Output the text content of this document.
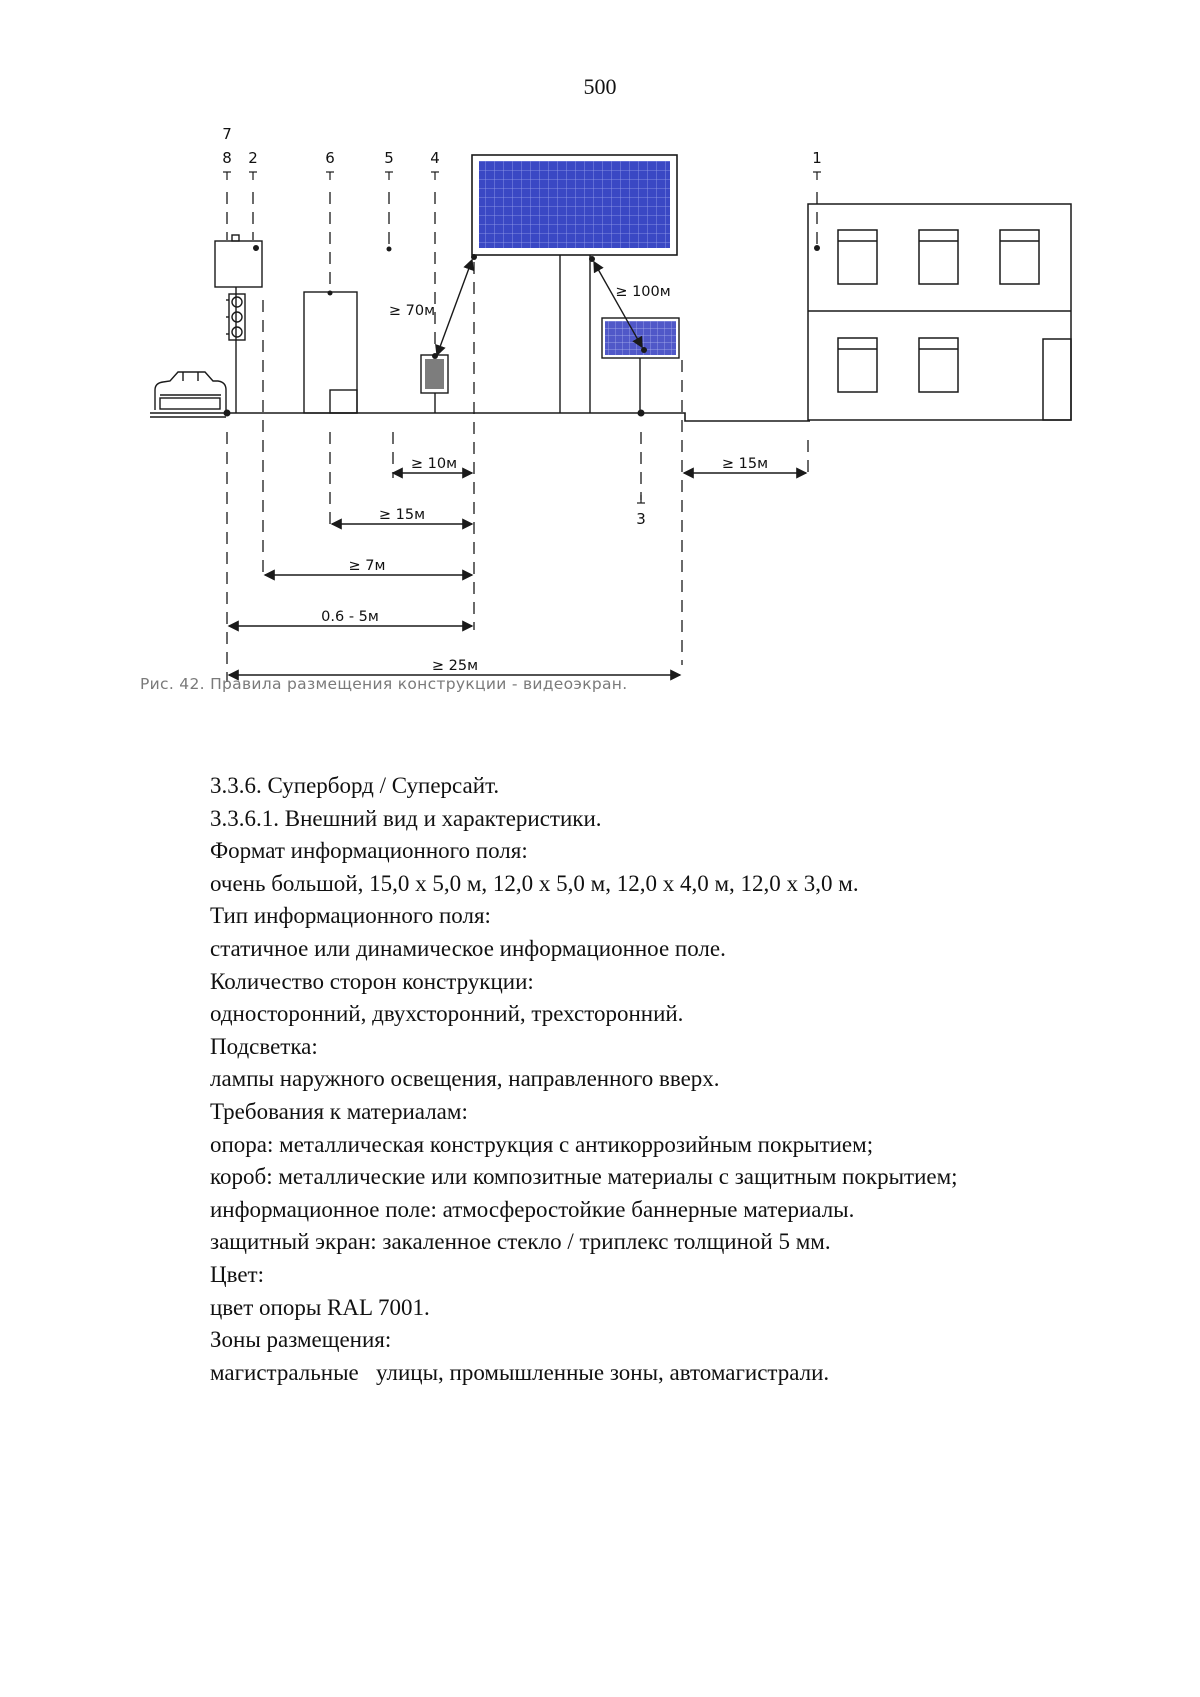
500
7
8 2	6	5 4	1
3
≥ 70м
≥ 100м
≥ 10м	≥ 15м
≥ 15м
≥ 7м
0.6 - 5м
≥ 25м
Рис. 42. Правила размещения конструкции - видеоэкран.
3.3.6. Супербoрд / Суперсайт.
3.3.6.1. Внешний вид и характеристики.
Формат информационного поля:
очень большой, 15,0 х 5,0 м, 12,0 х 5,0 м, 12,0 х 4,0 м, 12,0 х 3,0 м.
Тип информационного поля:
статичное или динамическое информационное поле.
Количество сторон конструкции:
односторонний, двухсторонний, трехсторонний.
Подсветка:
лампы наружного освещения, направленного вверх.
Требования к материалам:
опора: металлическая конструкция с антикоррозийным покрытием;
короб: металлические или композитные материалы с защитным покрытием;
информационное поле: атмосферостойкие баннерные материалы.
защитный экран: закаленное стекло / триплекс толщиной 5 мм.
Цвет:
цвет опоры RAL 7001.
Зоны размещения:
магистральные   улицы, промышленные зоны, автомагистрали.
